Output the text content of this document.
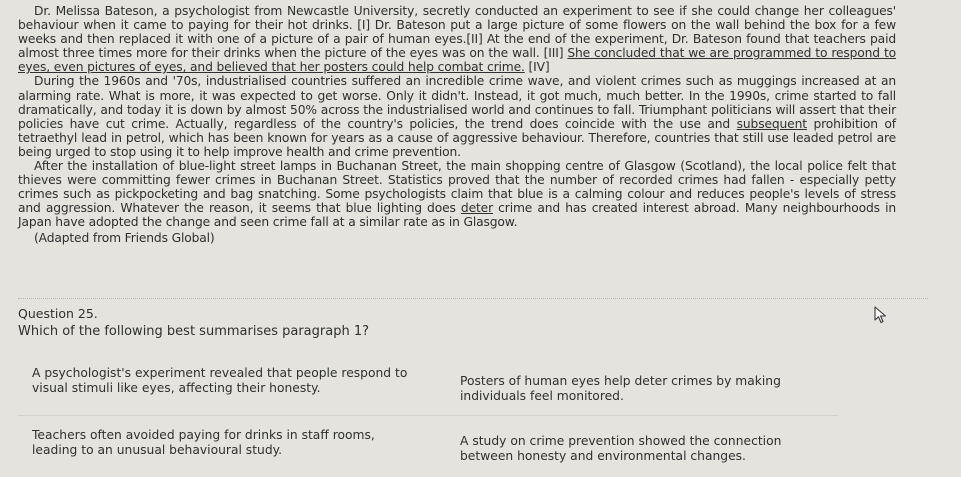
Dr. Melissa Bateson, a psychologist from Newcastle University, secretly conducted an experiment to see if she could change her colleagues' behaviour when it came to paying for their hot drinks. [I] Dr. Bateson put a large picture of some flowers on the wall behind the box for a few weeks and then replaced it with one of a picture of a pair of human eyes.[II] At the end of the experiment, Dr. Bateson found that teachers paid almost three times more for their drinks when the picture of the eyes was on the wall. [III] She concluded that we are programmed to respond to eyes, even pictures of eyes, and believed that her posters could help combat crime. [IV]

During the 1960s and '70s, industrialised countries suffered an incredible crime wave, and violent crimes such as muggings increased at an alarming rate. What is more, it was expected to get worse. Only it didn't. Instead, it got much, much better. In the 1990s, crime started to fall dramatically, and today it is down by almost 50% across the industrialised world and continues to fall. Triumphant politicians will assert that their policies have cut crime. Actually, regardless of the country's policies, the trend does coincide with the use and subsequent prohibition of tetraethyl lead in petrol, which has been known for years as a cause of aggressive behaviour. Therefore, countries that still use leaded petrol are being urged to stop using it to help improve health and crime prevention.

After the installation of blue-light street lamps in Buchanan Street, the main shopping centre of Glasgow (Scotland), the local police felt that thieves were committing fewer crimes in Buchanan Street. Statistics proved that the number of recorded crimes had fallen - especially petty crimes such as pickpocketing and bag snatching. Some psychologists claim that blue is a calming colour and reduces people's levels of stress and aggression. Whatever the reason, it seems that blue lighting does deter crime and has created interest abroad. Many neighbourhoods in Japan have adopted the change and seen crime fall at a similar rate as in Glasgow.

(Adapted from Friends Global)

Question 25.
Which of the following best summarises paragraph 1?
A psychologist's experiment revealed that people respond to visual stimuli like eyes, affecting their honesty.	Posters of human eyes help deter crimes by making individuals feel monitored.
Teachers often avoided paying for drinks in staff rooms, leading to an unusual behavioural study.
A study on crime prevention showed the connection between honesty and environmental changes.
